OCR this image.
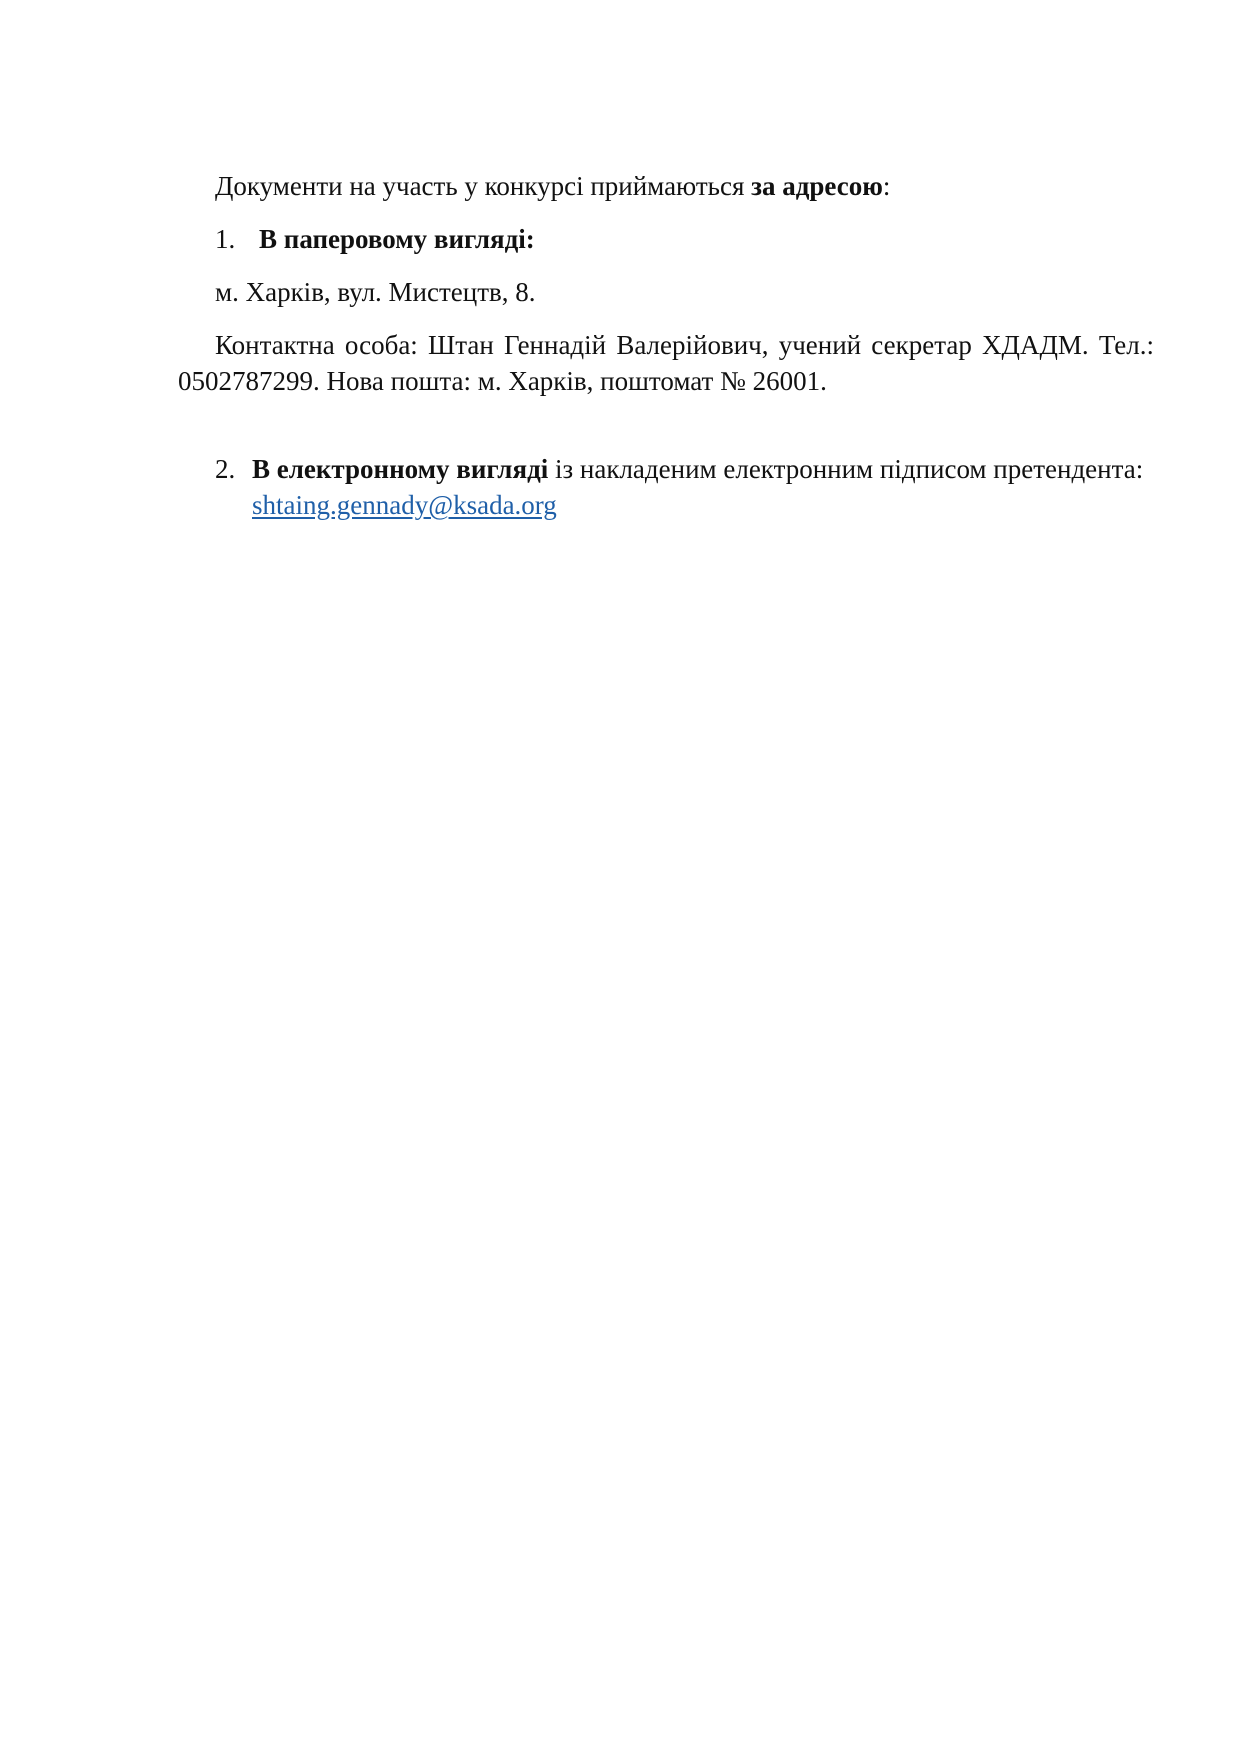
Документи на участь у конкурсі приймаються за адресою:

1. В паперовому вигляді:

м. Харків, вул. Мистецтв, 8.

Контактна особа: Штан Геннадій Валерійович, учений секретар ХДАДМ. Тел.: 0502787299. Нова пошта: м. Харків, поштомат № 26001.

2. В електронному вигляді із накладеним електронним підписом претендента:
shtaing.gennady@ksada.org
